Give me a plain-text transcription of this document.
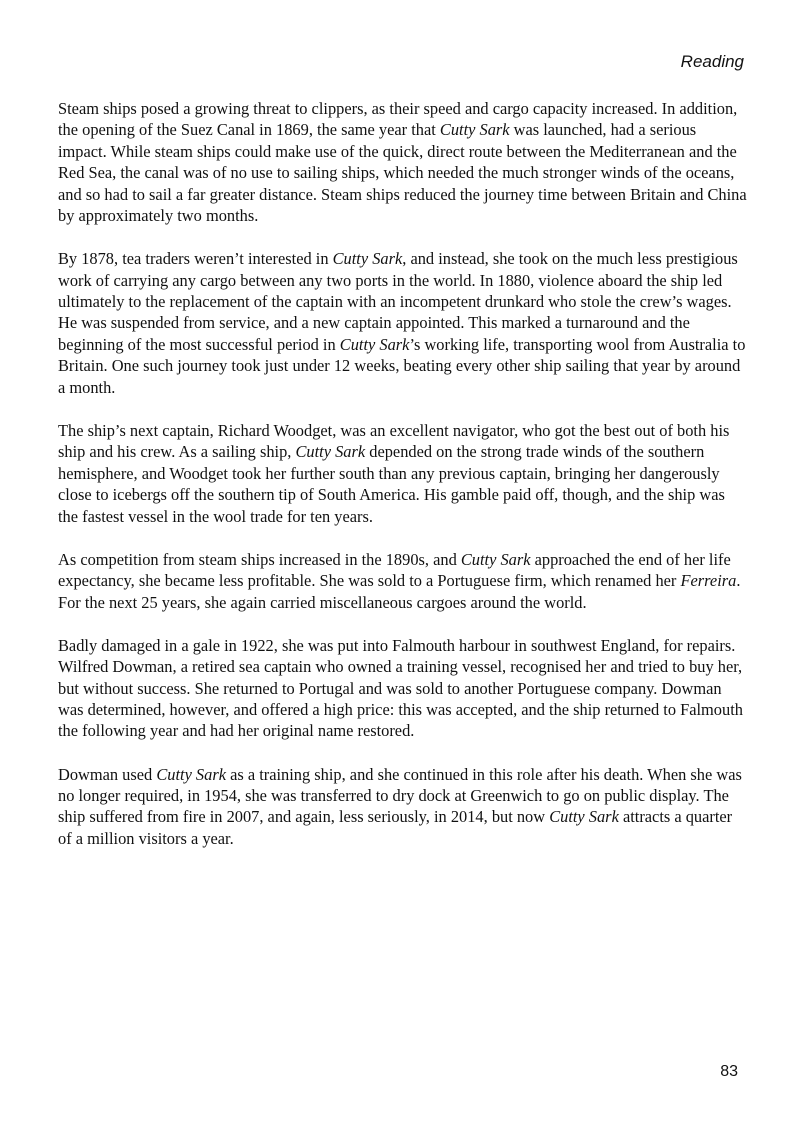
Reading

Steam ships posed a growing threat to clippers, as their speed and cargo capacity increased. In addition, the opening of the Suez Canal in 1869, the same year that Cutty Sark was launched, had a serious impact. While steam ships could make use of the quick, direct route between the Mediterranean and the Red Sea, the canal was of no use to sailing ships, which needed the much stronger winds of the oceans, and so had to sail a far greater distance. Steam ships reduced the journey time between Britain and China by approximately two months.

By 1878, tea traders weren’t interested in Cutty Sark, and instead, she took on the much less prestigious work of carrying any cargo between any two ports in the world. In 1880, violence aboard the ship led ultimately to the replacement of the captain with an incompetent drunkard who stole the crew’s wages. He was suspended from service, and a new captain appointed. This marked a turnaround and the beginning of the most successful period in Cutty Sark’s working life, transporting wool from Australia to Britain. One such journey took just under 12 weeks, beating every other ship sailing that year by around a month.

The ship’s next captain, Richard Woodget, was an excellent navigator, who got the best out of both his ship and his crew. As a sailing ship, Cutty Sark depended on the strong trade winds of the southern hemisphere, and Woodget took her further south than any previous captain, bringing her dangerously close to icebergs off the southern tip of South America. His gamble paid off, though, and the ship was the fastest vessel in the wool trade for ten years.

As competition from steam ships increased in the 1890s, and Cutty Sark approached the end of her life expectancy, she became less profitable. She was sold to a Portuguese firm, which renamed her Ferreira. For the next 25 years, she again carried miscellaneous cargoes around the world.

Badly damaged in a gale in 1922, she was put into Falmouth harbour in southwest England, for repairs. Wilfred Dowman, a retired sea captain who owned a training vessel, recognised her and tried to buy her, but without success. She returned to Portugal and was sold to another Portuguese company. Dowman was determined, however, and offered a high price: this was accepted, and the ship returned to Falmouth the following year and had her original name restored.

Dowman used Cutty Sark as a training ship, and she continued in this role after his death. When she was no longer required, in 1954, she was transferred to dry dock at Greenwich to go on public display. The ship suffered from fire in 2007, and again, less seriously, in 2014, but now Cutty Sark attracts a quarter of a million visitors a year.

83
